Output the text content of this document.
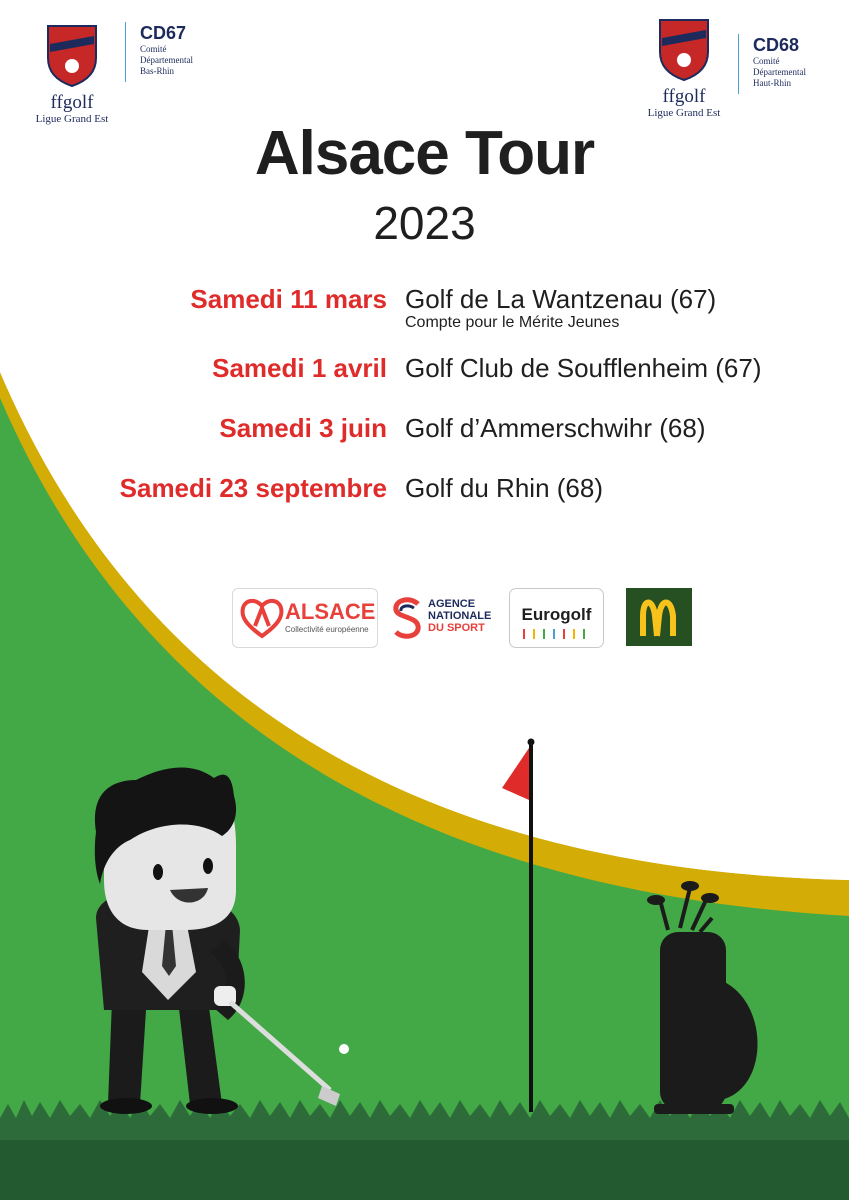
ffgolf
Ligue Grand Est
CD67
Comité
Départemental
Bas-Rhin
ffgolf
Ligue Grand Est
CD68
Comité
Départemental
Haut-Rhin
Alsace Tour
2023
Samedi 11 mars Golf de La Wantzenau (67)
Compte pour le Mérite Jeunes
Samedi 1 avril Golf Club de Soufflenheim (67)
Samedi 3 juin Golf d’Ammerschwihr (68)
Samedi 23 septembre Golf du Rhin (68)
ALSACE
Collectivité européenne
AGENCE
NATIONALE
DU SPORT
Eurogolf
